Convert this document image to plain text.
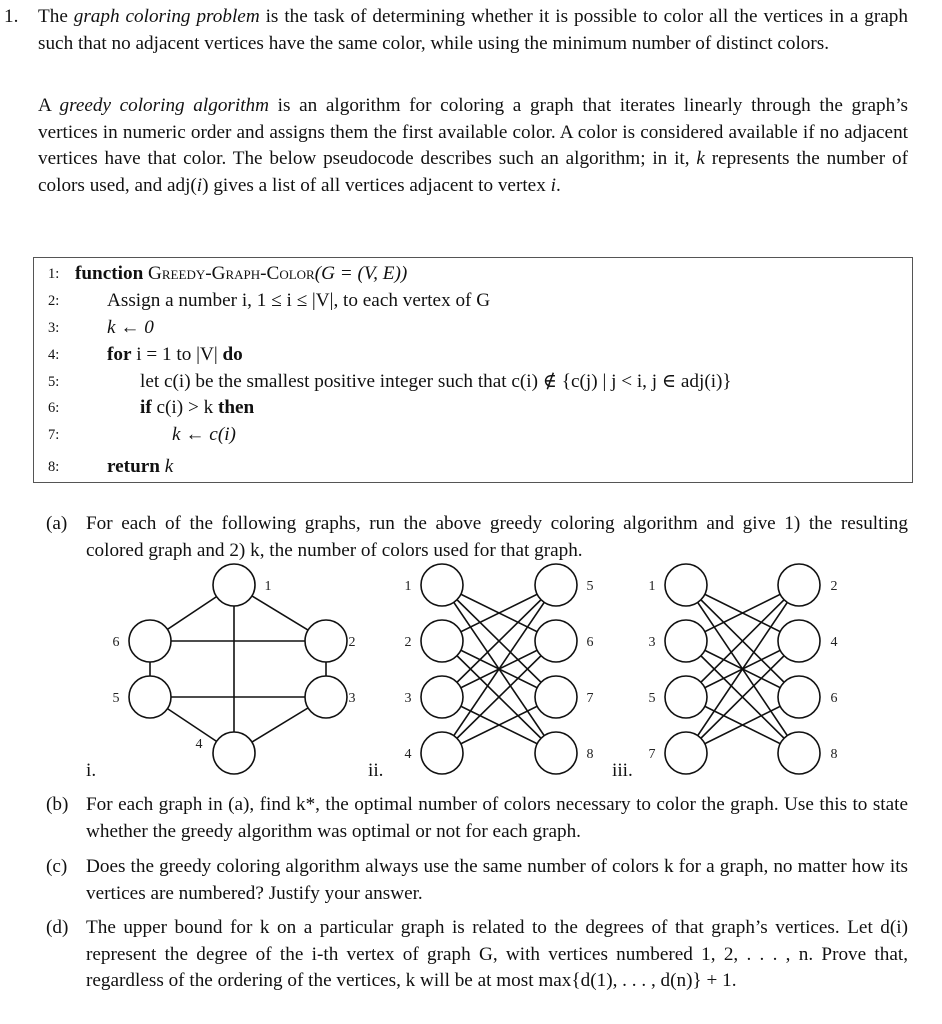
1. The graph coloring problem is the task of determining whether it is possible to color all the vertices in a graph such that no adjacent vertices have the same color, while using the minimum number of distinct colors.
A greedy coloring algorithm is an algorithm for coloring a graph that iterates linearly through the graph’s vertices in numeric order and assigns them the first available color. A color is considered available if no adjacent vertices have that color. The below pseudocode describes such an algorithm; in it, k represents the number of colors used, and adj(i) gives a list of all vertices adjacent to vertex i.
1: function Greedy-Graph-Color(G = (V, E))
2:	Assign a number i, 1 ≤ i ≤ |V|, to each vertex of G
3:	k ← 0
4:	for i = 1 to |V| do
5:	let c(i) be the smallest positive integer such that c(i) ∉ {c(j) | j < i, j ∈ adj(i)}
6:	if c(i) > k then
7:	k ← c(i)
8:	return k
(a) For each of the following graphs, run the above greedy coloring algorithm and give 1) the resulting colored graph and 2) k, the number of colors used for that graph.
1
2
3
4
5
6
1
2
3
4
5
6
7
8
1
3
5
7
2
4
6
8
i.	ii.	iii.
(b) For each graph in (a), find k*, the optimal number of colors necessary to color the graph. Use this to state whether the greedy algorithm was optimal or not for each graph.
(c) Does the greedy coloring algorithm always use the same number of colors k for a graph, no matter how its vertices are numbered? Justify your answer.
(d) The upper bound for k on a particular graph is related to the degrees of that graph’s vertices. Let d(i) represent the degree of the i-th vertex of graph G, with vertices numbered 1, 2, . . . , n. Prove that, regardless of the ordering of the vertices, k will be at most max{d(1), . . . , d(n)} + 1.
